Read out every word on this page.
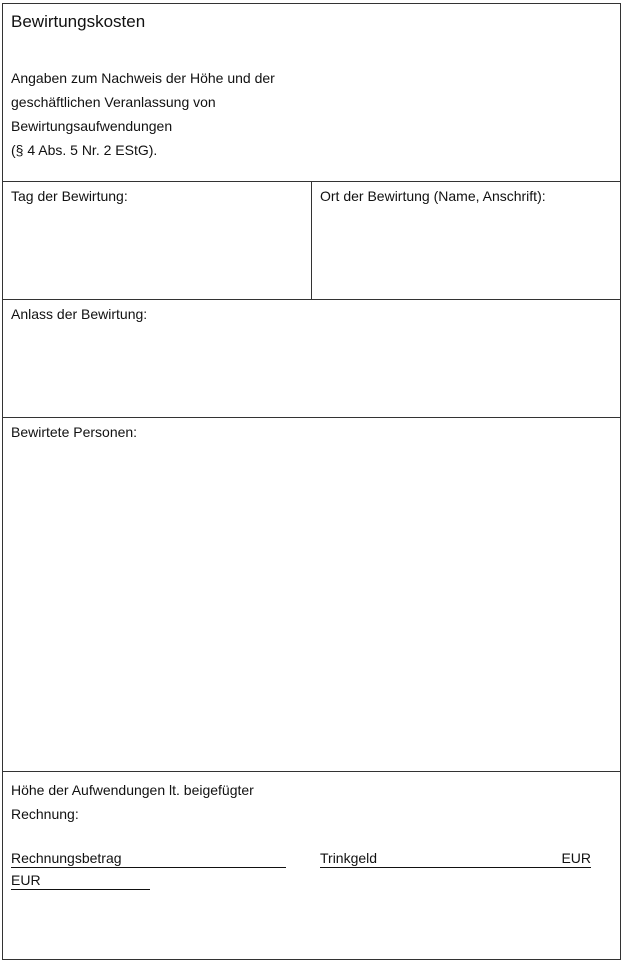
Bewirtungskosten
Angaben zum Nachweis der Höhe und der
geschäftlichen Veranlassung von
Bewirtungsaufwendungen
(§ 4 Abs. 5 Nr. 2 EStG).
Tag der Bewirtung:	Ort der Bewirtung (Name, Anschrift):
Anlass der Bewirtung:
Bewirtete Personen:
Höhe der Aufwendungen lt. beigefügter
Rechnung:
Rechnungsbetrag	Trinkgeld	EUR
EUR
